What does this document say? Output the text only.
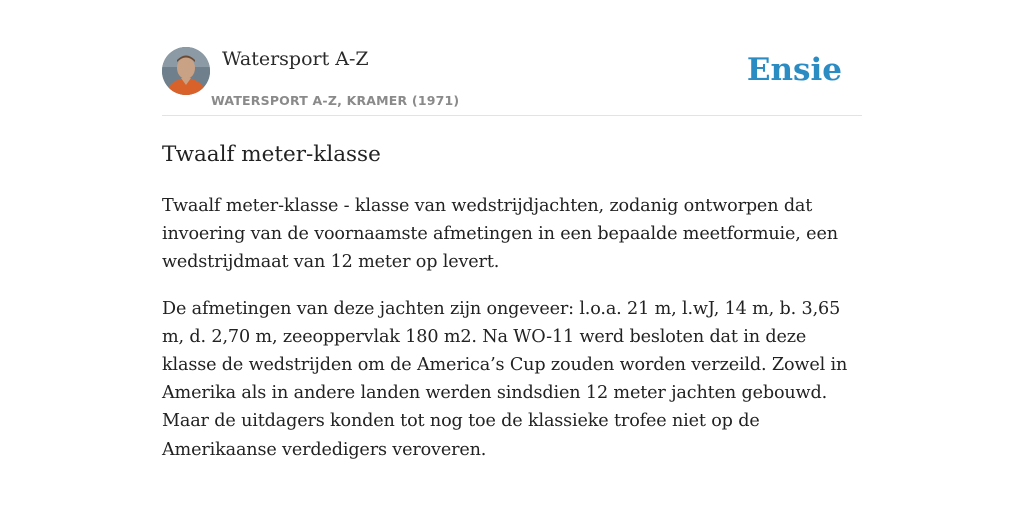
Watersport A-Z
WATERSPORT A-Z, KRAMER (1971)
Ensie
Twaalf meter-klasse

Twaalf meter-klasse - klasse van wedstrijdjachten, zodanig ontworpen dat invoering van de voornaamste afmetingen in een bepaalde meetformuie, een wedstrijdmaat van 12 meter op levert.

De afmetingen van deze jachten zijn ongeveer: l.o.a. 21 m, l.wJ, 14 m, b. 3,65 m, d. 2,70 m, zeeoppervlak 180 m2. Na WO-11 werd besloten dat in deze klasse de wedstrijden om de America’s Cup zouden worden verzeild. Zowel in Amerika als in andere landen werden sindsdien 12 meter jachten gebouwd. Maar de uitdagers konden tot nog toe de klassieke trofee niet op de Amerikaanse verdedigers veroveren.
